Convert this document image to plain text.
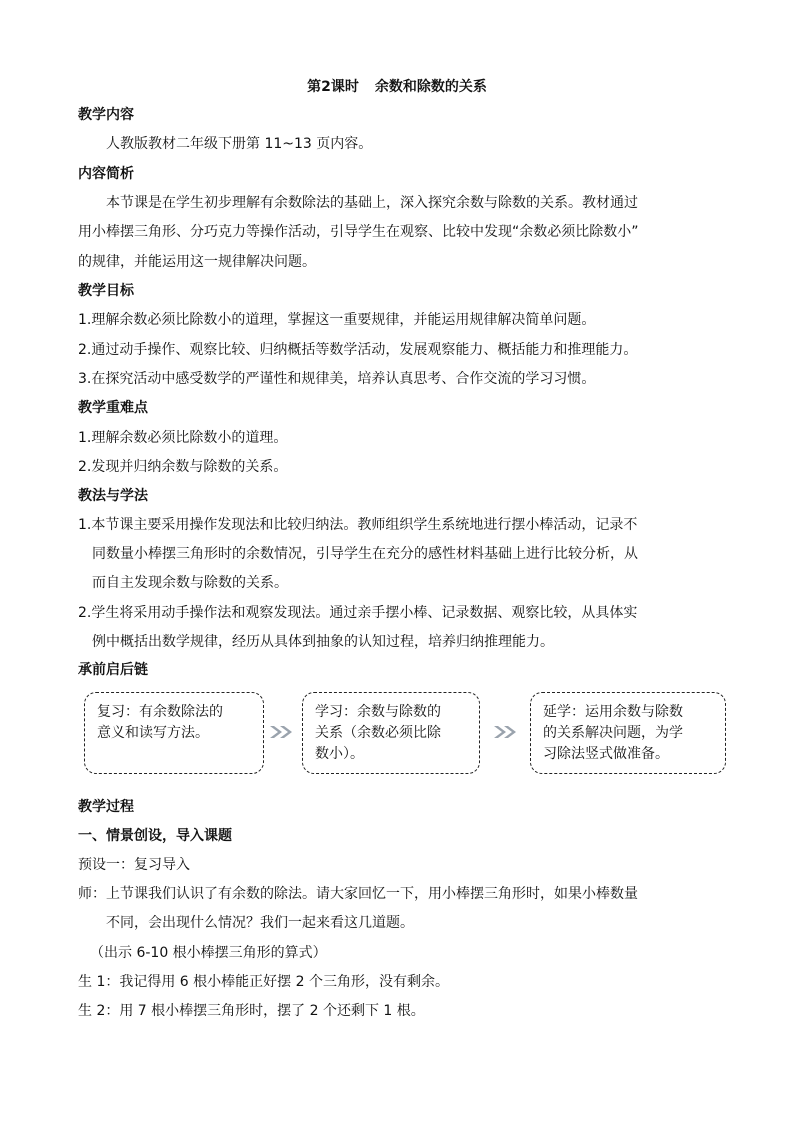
第2课时 余数和除数的关系
教学内容
人教版教材二年级下册第 11~13 页内容。
内容简析
本节课是在学生初步理解有余数除法的基础上，深入探究余数与除数的关系。教材通过
用小棒摆三角形、分巧克力等操作活动，引导学生在观察、比较中发现“余数必须比除数小”
的规律，并能运用这一规律解决问题。
教学目标
1.理解余数必须比除数小的道理，掌握这一重要规律，并能运用规律解决简单问题。
2.通过动手操作、观察比较、归纳概括等数学活动，发展观察能力、概括能力和推理能力。
3.在探究活动中感受数学的严谨性和规律美，培养认真思考、合作交流的学习习惯。
教学重难点
1.理解余数必须比除数小的道理。
2.发现并归纳余数与除数的关系。
教法与学法
1.本节课主要采用操作发现法和比较归纳法。教师组织学生系统地进行摆小棒活动，记录不
同数量小棒摆三角形时的余数情况，引导学生在充分的感性材料基础上进行比较分析，从
而自主发现余数与除数的关系。
2.学生将采用动手操作法和观察发现法。通过亲手摆小棒、记录数据、观察比较，从具体实
例中概括出数学规律，经历从具体到抽象的认知过程，培养归纳推理能力。
承前启后链
复习：有余数除法的
意义和读写方法。
学习：余数与除数的
关系（余数必须比除
数小）。
延学：运用余数与除数
的关系解决问题，为学
习除法竖式做准备。
教学过程
一、情景创设，导入课题
预设一：复习导入
师：上节课我们认识了有余数的除法。请大家回忆一下，用小棒摆三角形时，如果小棒数量
不同，会出现什么情况？我们一起来看这几道题。
（出示 6-10 根小棒摆三角形的算式）
生 1：我记得用 6 根小棒能正好摆 2 个三角形，没有剩余。
生 2：用 7 根小棒摆三角形时，摆了 2 个还剩下 1 根。
